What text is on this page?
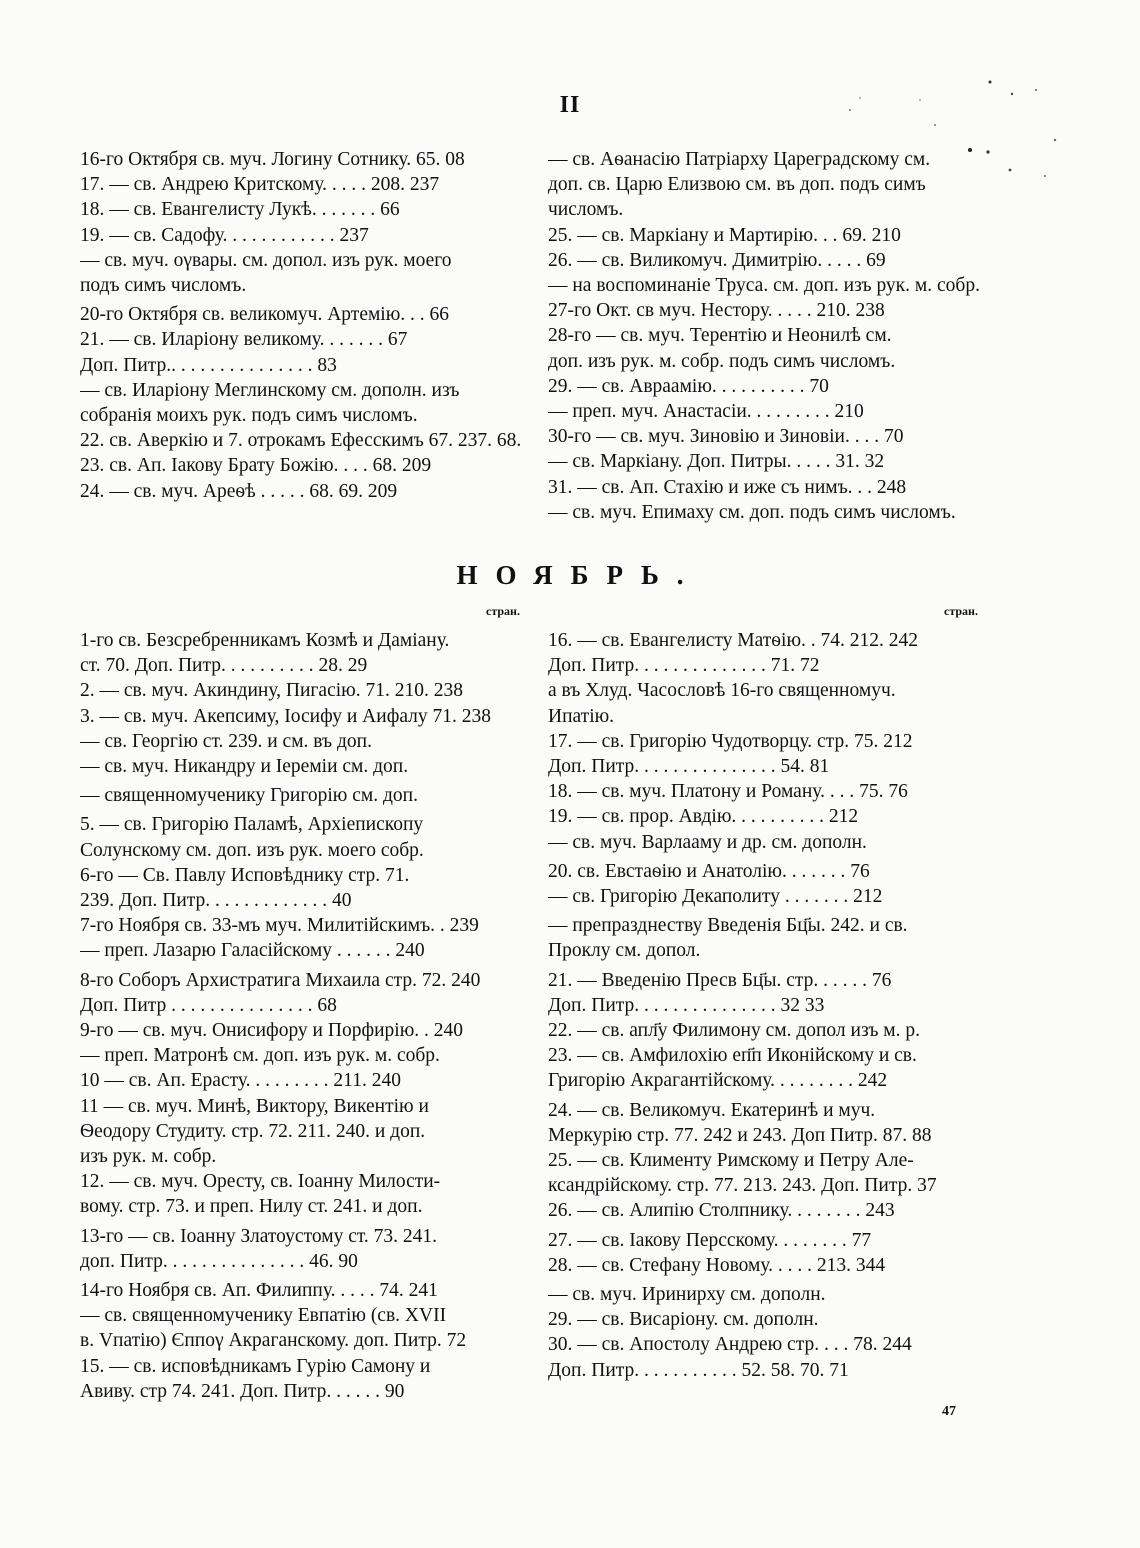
II
16-го Октября св. муч. Логину Сотнику. 65. 08
17. — св. Андрею Критскому. . . . . 208. 237
18. — св. Евангелисту Лукѣ. . . . . . . 66
19. — св. Садофу. . . . . . . . . . . . 237
— св. муч. ογвары. см. допол. изъ рук. моего
подъ симъ числомъ.
20-го Октября св. великомуч. Артемію. . . 66
21. — св. Иларіону великому. . . . . . . 67
Доп. Питр.. . . . . . . . . . . . . . . 83
— св. Иларіону Меглинскому см. дополн. изъ
собранія моихъ рук. подъ симъ числомъ.
22. св. Аверкію и 7. отрокамъ Ефесскимъ 67. 237. 68.
23. св. Ап. Іакову Брату Божію. . . . 68. 209
24. — св. муч. Ареѳѣ . . . . . 68. 69. 209
— св. Аѳанасію Патріарху Цареградскому см.
доп. св. Царю Елизвою см. въ доп. подъ симъ
числомъ.
25. — св. Маркіану и Мартирію. . . 69. 210
26. — св. Виликомуч. Димитрію. . . . . 69
— на воспоминаніе Труса. см. доп. изъ рук. м. собр.
27-го Окт. св муч. Нестору. . . . . 210. 238
28-го — св. муч. Терентію и Неонилѣ см.
доп. изъ рук. м. собр. подъ симъ числомъ.
29. — св. Авраамію. . . . . . . . . . 70
— преп. муч. Анастасіи. . . . . . . . . 210
30-го — св. муч. Зиновію и Зиновіи. . . . 70
— св. Маркіану. Доп. Питры. . . . . 31. 32
31. — св. Ап. Стахію и иже съ нимъ. . . 248
— св. муч. Епимаху см. доп. подъ симъ числомъ.
НОЯБРЬ.
стран.	стран.
1-го св. Безсребренникамъ Козмѣ и Даміану.
ст. 70. Доп. Питр. . . . . . . . . . 28. 29
2. — св. муч. Акиндину, Пигасію. 71. 210. 238
3. — св. муч. Акепсиму, Іосифу и Аифалу 71. 238
— св. Георгію ст. 239. и см. въ доп.
— св. муч. Никандру и Іереміи см. доп.
— священномученику Григорію см. доп.
5. — св. Григорію Паламѣ, Архіепископу
Солунскому см. доп. изъ рук. моего собр.
6-го — Св. Павлу Исповѣднику стр. 71.
239. Доп. Питр. . . . . . . . . . . . . 40
7-го Ноября св. 33-мъ муч. Милитійскимъ. . 239
— преп. Лазарю Галасійскому . . . . . . 240
8-го Соборъ Архистратига Михаила стр. 72. 240
Доп. Питр . . . . . . . . . . . . . . . 68
9-го — св. муч. Онисифору и Порфирію. . 240
— преп. Матронѣ см. доп. изъ рук. м. собр.
10 — св. Ап. Ерасту. . . . . . . . . 211. 240
11 — св. муч. Минѣ, Виктору, Викентію и
Ѳеодору Студиту. стр. 72. 211. 240. и доп.
изъ рук. м. собр.
12. — св. муч. Оресту, св. Іоанну Милости-
вому. стр. 73. и преп. Нилу ст. 241. и доп.
13-го — св. Іоанну Златоустому ст. 73. 241.
доп. Питр. . . . . . . . . . . . . . . 46. 90
14-го Ноября св. Ап. Филиппу. . . . . 74. 241
— св. священномученику Евпатію (св. XVII
в. Vпатію) Єппоγ Акраганскому. доп. Питр. 72
15. — св. исповѣдникамъ Гурію Самону и
Авиву. стр 74. 241. Доп. Питр. . . . . . 90
16. — св. Евангелисту Матѳію. . 74. 212. 242
Доп. Питр. . . . . . . . . . . . . . 71. 72
а въ Хлуд. Часословѣ 16-го священномуч.
Ипатію.
17. — св. Григорію Чудотворцу. стр. 75. 212
Доп. Питр. . . . . . . . . . . . . . . 54. 81
18. — св. муч. Платону и Роману. . . . 75. 76
19. — св. прор. Авдію. . . . . . . . . . 212
— св. муч. Варлааму и др. см. дополн.
20. св. Евстаѳію и Анатолію. . . . . . . 76
— св. Григорію Декаполиту . . . . . . . 212
— препразднеству Введенія Бц҃ы. 242. и св.
Проклу см. допол.
21. — Введенію Пресв Бц҃ы. стр. . . . . . 76
Доп. Питр. . . . . . . . . . . . . . . 32 33
22. — св. апл҃у Филимону см. допол изъ м. р.
23. — св. Амфилохію еп҃п Иконійскому и св.
Григорію Акрагантійскому. . . . . . . . . 242
24. — св. Великомуч. Екатеринѣ и муч.
Меркурію стр. 77. 242 и 243. Доп Питр. 87. 88
25. — св. Клименту Римскому и Петру Але-
ксандрійскому. стр. 77. 213. 243. Доп. Питр. 37
26. — св. Алипію Столпнику. . . . . . . . 243
27. — св. Іакову Персскому. . . . . . . . 77
28. — св. Стефану Новому. . . . . 213. 344
— св. муч. Иринирху см. дополн.
29. — св. Висаріону. см. дополн.
30. — св. Апостолу Андрею стр. . . . 78. 244
Доп. Питр. . . . . . . . . . . 52. 58. 70. 71
47
